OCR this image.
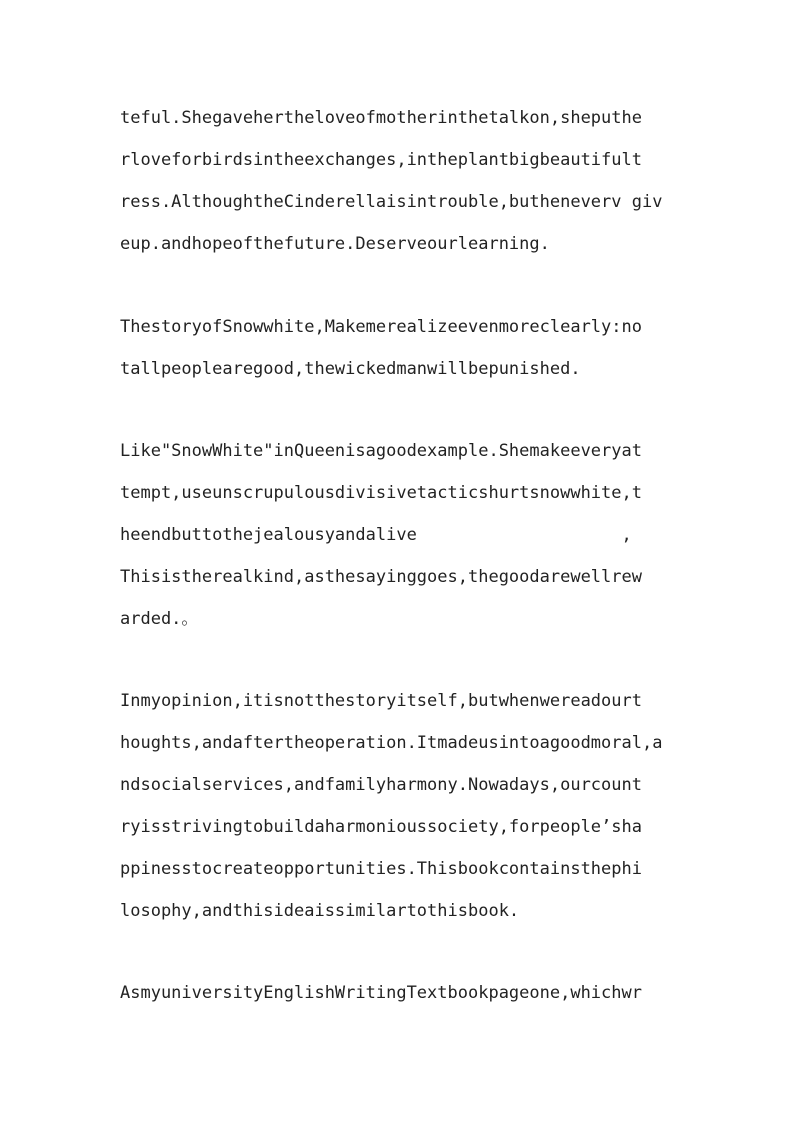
teful.Shegavehertheloveofmotherinthetalkon,sheputhe
rloveforbirdsintheexchanges,intheplantbigbeautifult
ress.AlthoughtheCinderellaisintrouble,butheneverv giv
eup.andhopeofthefuture.Deserveourlearning.
ThestoryofSnowwhite,Makemerealizeevenmoreclearly:no
tallpeoplearegood,thewickedmanwillbepunished.
Like"SnowWhite"inQueenisagoodexample.Shemakeeveryat
tempt,useunscrupulousdivisivetacticshurtsnowwhite,t
heendbuttothejealousyandalive                    ,
Thisistherealkind,asthesayinggoes,thegoodarewellrew
arded.。
Inmyopinion,itisnotthestoryitself,butwhenwereadourt
houghts,andaftertheoperation.Itmadeusintoagoodmoral,a
ndsocialservices,andfamilyharmony.Nowadays,ourcount
ryisstrivingtobuildaharmonioussociety,forpeople’sha
ppinesstocreateopportunities.Thisbookcontainsthephi
losophy,andthisideaissimilartothisbook.
AsmyuniversityEnglishWritingTextbookpageone,whichwr
